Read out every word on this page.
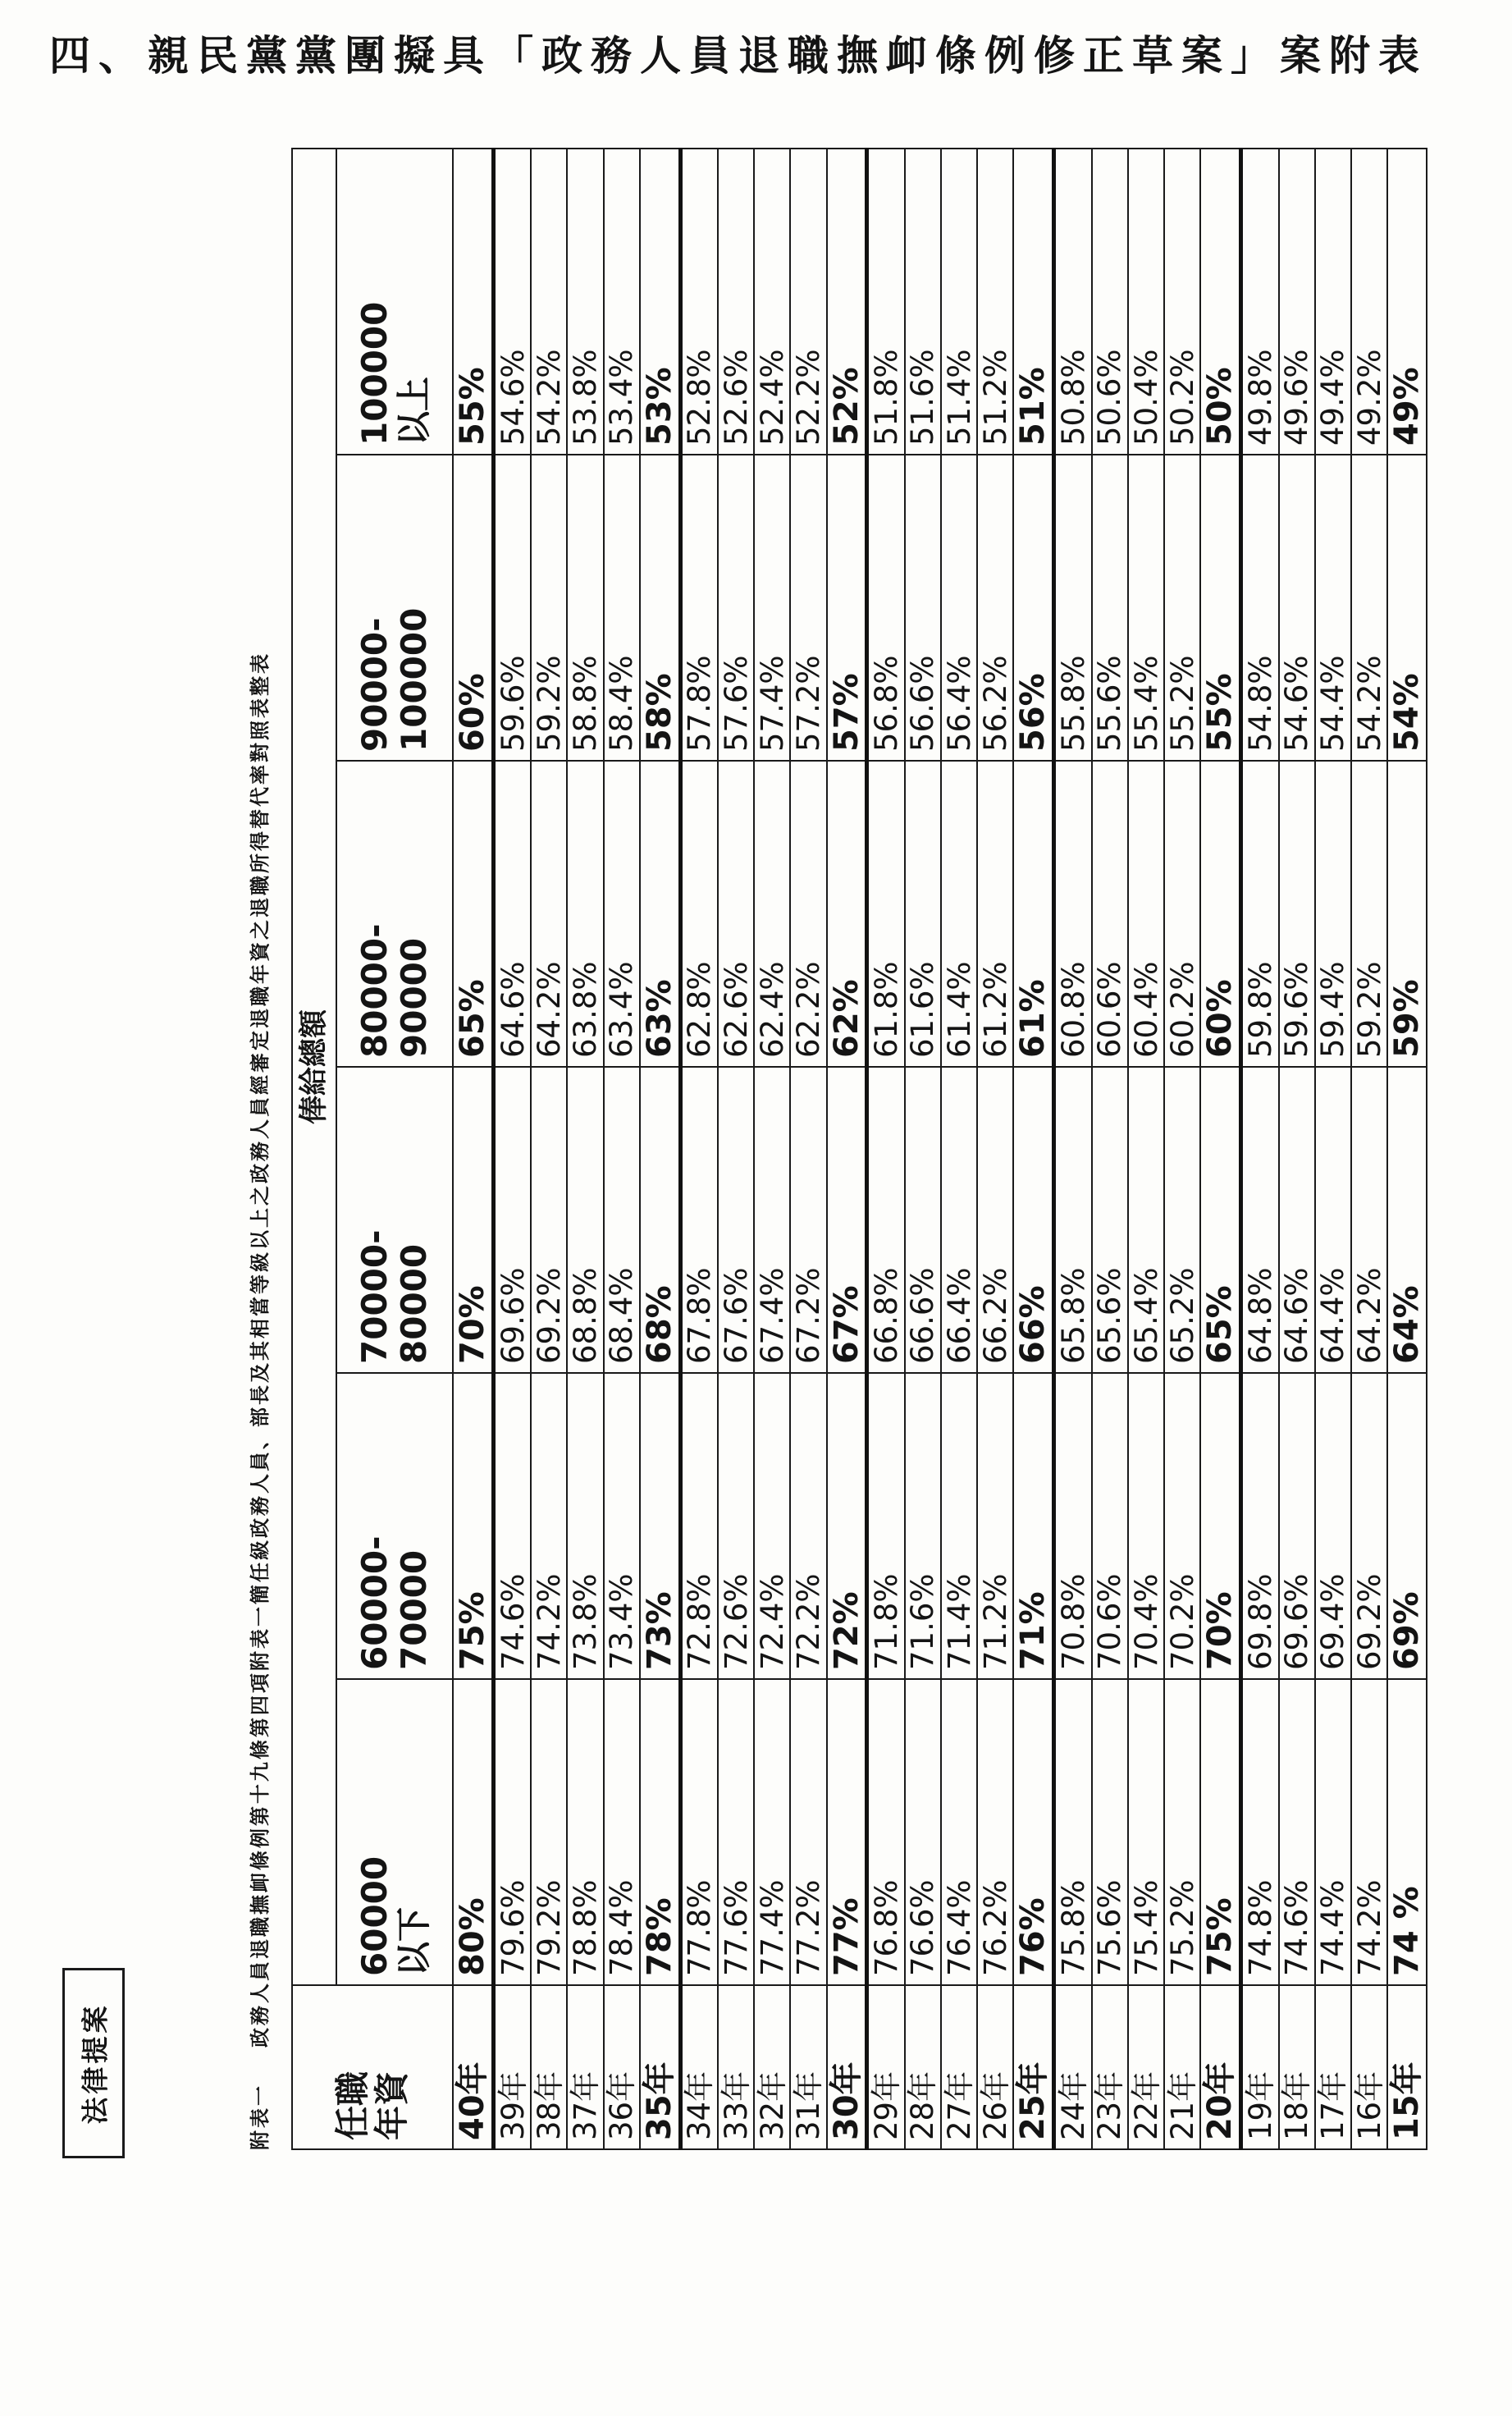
四、親民黨黨團擬具「政務人員退職撫卹條例修正草案」案附表
法律提案	附表一政務人員退職撫卹條例第十九條第四項附表一簡任級政務人員、部長及其相當等級以上之政務人員經審定退職年資之退職所得替代率對照表整表
任職 年資	俸給總額					

	60000 以下	60000- 70000	70000- 80000	80000- 90000	90000- 100000	100000 以上

40年	80%	75%	70%	65%	60%	55%
39年	79.6%	74.6%	69.6%	64.6%	59.6%	54.6%
38年	79.2%	74.2%	69.2%	64.2%	59.2%	54.2%
37年	78.8%	73.8%	68.8%	63.8%	58.8%	53.8%
36年	78.4%	73.4%	68.4%	63.4%	58.4%	53.4%
35年	78%	73%	68%	63%	58%	53%
34年	77.8%	72.8%	67.8%	62.8%	57.8%	52.8%
33年	77.6%	72.6%	67.6%	62.6%	57.6%	52.6%
32年	77.4%	72.4%	67.4%	62.4%	57.4%	52.4%
31年	77.2%	72.2%	67.2%	62.2%	57.2%	52.2%
30年	77%	72%	67%	62%	57%	52%
29年	76.8%	71.8%	66.8%	61.8%	56.8%	51.8%
28年	76.6%	71.6%	66.6%	61.6%	56.6%	51.6%
27年	76.4%	71.4%	66.4%	61.4%	56.4%	51.4%
26年	76.2%	71.2%	66.2%	61.2%	56.2%	51.2%
25年	76%	71%	66%	61%	56%	51%
24年	75.8%	70.8%	65.8%	60.8%	55.8%	50.8%
23年	75.6%	70.6%	65.6%	60.6%	55.6%	50.6%
22年	75.4%	70.4%	65.4%	60.4%	55.4%	50.4%
21年	75.2%	70.2%	65.2%	60.2%	55.2%	50.2%
20年	75%	70%	65%	60%	55%	50%
19年	74.8%	69.8%	64.8%	59.8%	54.8%	49.8%
18年	74.6%	69.6%	64.6%	59.6%	54.6%	49.6%
17年	74.4%	69.4%	64.4%	59.4%	54.4%	49.4%
16年	74.2%	69.2%	64.2%	59.2%	54.2%	49.2%
15年	74 %	69%	64%	59%	54%	49%
